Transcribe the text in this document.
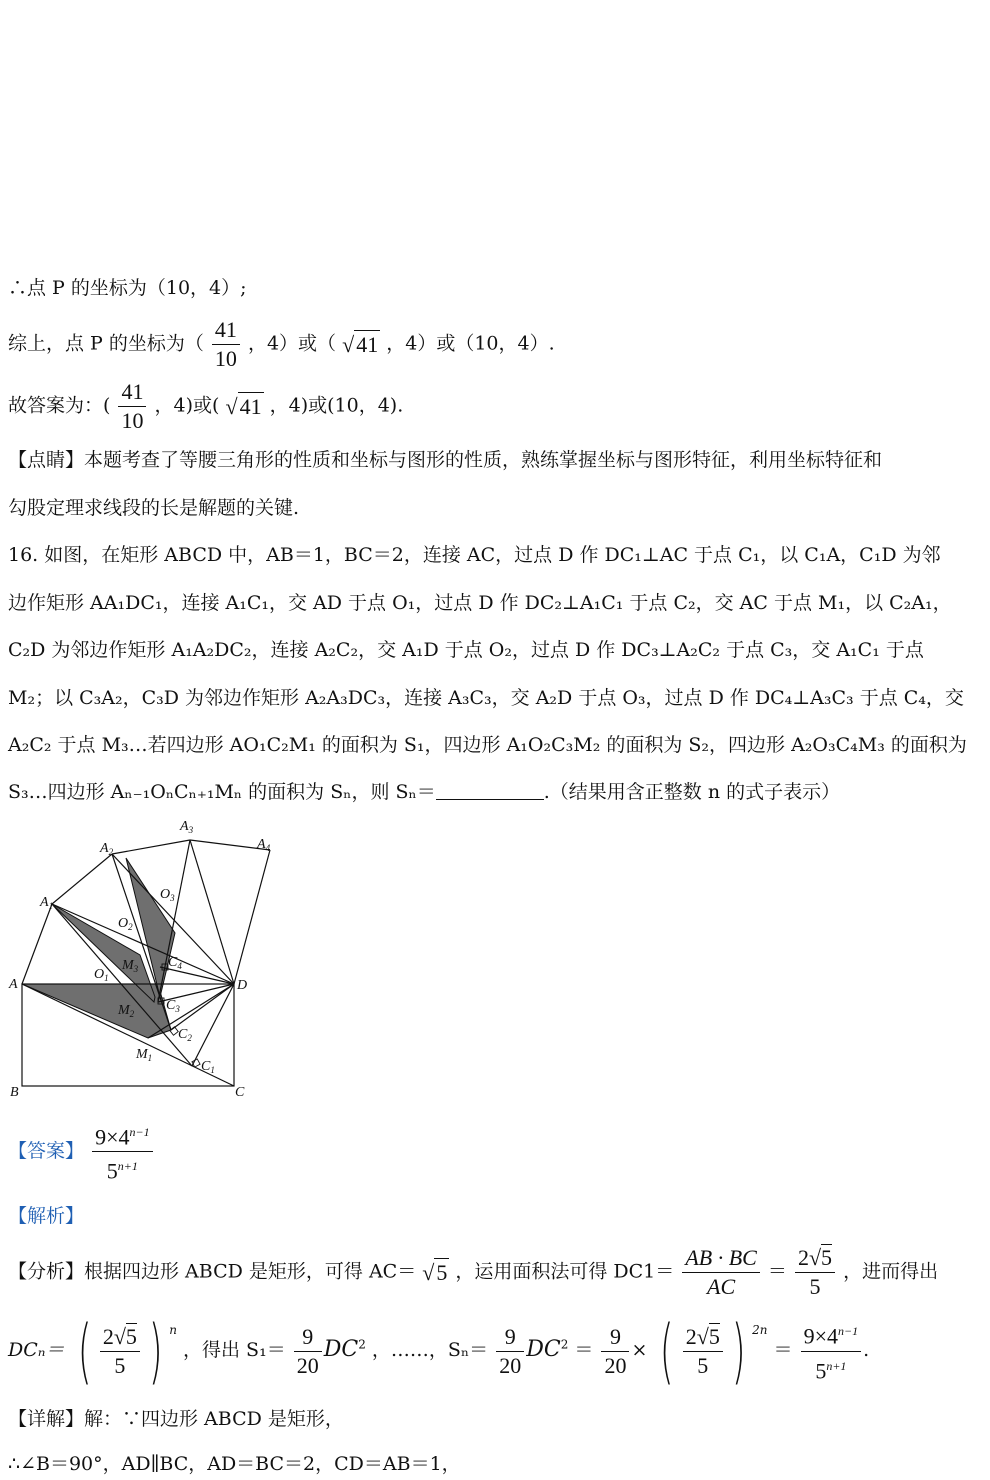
∴点 P 的坐标为（10，4）;
综上，点 P 的坐标为（ $\frac{41}{10}$ ，4）或（ √41 ，4）或（10，4）.
故答案为：( $\frac{41}{10}$ ，4)或( √41 ，4)或(10，4).
【点睛】本题考查了等腰三角形的性质和坐标与图形的性质，熟练掌握坐标与图形特征，利用坐标特征和
勾股定理求线段的长是解题的关键.
16. 如图，在矩形 ABCD 中，AB＝1，BC＝2，连接 AC，过点 D 作 DC₁⊥AC 于点 C₁，以 C₁A，C₁D 为邻
边作矩形 AA₁DC₁，连接 A₁C₁，交 AD 于点 O₁，过点 D 作 DC₂⊥A₁C₁ 于点 C₂，交 AC 于点 M₁，以 C₂A₁，
C₂D 为邻边作矩形 A₁A₂DC₂，连接 A₂C₂，交 A₁D 于点 O₂，过点 D 作 DC₃⊥A₂C₂ 于点 C₃，交 A₁C₁ 于点
M₂；以 C₃A₂，C₃D 为邻边作矩形 A₂A₃DC₃，连接 A₃C₃，交 A₂D 于点 O₃，过点 D 作 DC₄⊥A₃C₃ 于点 C₄，交
A₂C₂ 于点 M₃…若四边形 AO₁C₂M₁ 的面积为 S₁，四边形 A₁O₂C₃M₂ 的面积为 S₂，四边形 A₂O₃C₄M₃ 的面积为
S₃…四边形 Aₙ₋₁OₙCₙ₊₁Mₙ 的面积为 Sₙ，则 Sₙ＝	.（结果用含正整数 n 的式子表示）
A
B	C
D
$A_1$
$A_2$
$A_3$
$A_4$
$O_1$
$O_2$
$O_3$
$M_1$
$M_2$
$M_3$
$C_1$
$C_2$
$C_3$
$C_4$
【答案】 $\frac{9\times 4^{n-1}}{5^{n+1}}$
【解析】
【分析】根据四边形 ABCD 是矩形，可得 AC＝ √5 ，运用面积法可得 $DC1= \frac{AB \cdot BC}{AC} = \frac{2√5}{5}$ ，进而得出
DCₙ＝ ( $\frac{2√5}{5}$ ) $^n$ ，得出 $S_1= \frac{9}{20} DC^2$ ，……，$S_n= \frac{9}{20} DC^2 = \frac{9}{20}$ × ( $\frac{2√5}{5}$ ) $^{2n} = \frac{9\times 4^{n-1}}{5^{n+1}}$ .
【详解】解：∵四边形 ABCD 是矩形，
∴∠B＝90°，AD∥BC，AD＝BC＝2，CD＝AB＝1，
